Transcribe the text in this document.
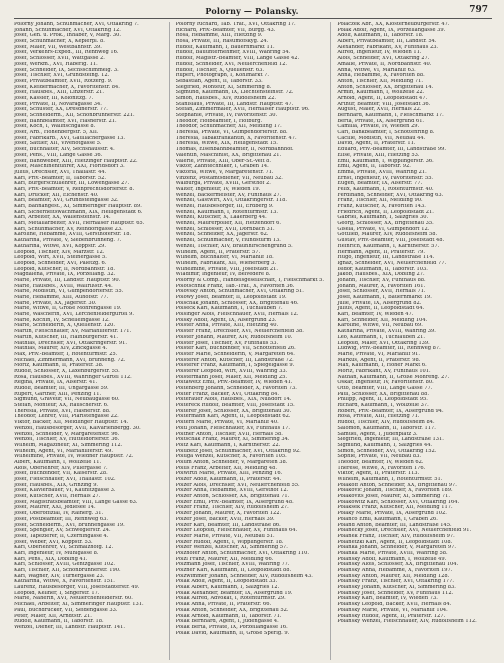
Polorny — Polansky.	797
Polorny Johann, Schuhmacher, XVI, Ottakring 7.
Johann, Schuhmacher, XVI, Ottakring 12.
Josef, Gen. u. Prok., Inhaber, V, Marg. 30.
Josef, Schuhmacher, X, Keplerpl. 8.
Josef, Maler, VII, Westbahnstr. 39.
Josef, Verkehrs-Exped., III, Rennweg 16.
Josef, Schlosser, XVII, Wattgasse 2.
Josef, Werkm., XVI, Haberlg. 11.
Josef, Schneider, IX, Sechsschimmelg. 3.
Josef, Tischler, XVI, Grundsteing. 12.
Josef, Privatbeamter, XVII, Rötzerg. 9.
Josef, Kleidermacher, X, Favoritenstr. 84.
Josef, Hausbes., XIII, Linzerstr. 21.
Josef, Kassier, III, Kolonitzg. 7.
Josef, Private, II, Novaragasse 34.
Josef, Schuster, XX, Dresdnerstr. 77.
Josef, Schneiderm., XII, Schönbrunnerstr. 221.
Josef, Bahnbeamter, XVI, Hasnerstr. 21.
Josef, Koch, I, Wallfischgasse 8.
Josef, Arb., Hohenbergstr. 5, XII.
Josef, Fabrikarb., XVI, Gaullachergasse 13.
Josef, Sattler, XII, Vivenotgasse 5.
Josef, Buchhalter, XIV, Sechshausstr. 4.
Josef, Pens., VIII, Lange Gasse 36.
Josef, Bandweber, XIII, Hietzinger Hauptstr. 22.
Josef, Maschinenführer, XXI, Floridsdorf 3.
Julius, Drechsler, XVI, Thaliastr. 44.
Karl, Priv.-Beamter, II, Taborstr. 52.
Karl, Bürgerschullehrer, III, Löwengasse 27.
Karl, Priv.-Beamter, V, Reinprechtsdorferstr. 8.
Karl, Drucker, XII, Eichenstr. 40.
Karl, Beamter, XVI, Grundsteingasse 32.
Karl, Bahnangest., XI, Simmeringer Hauptstr. 89.
Karl, Sicherheitswachmann, XIX, Heiligenstadt 6.
Karl, Arbeiter, XX, Wallensteinstr. 14.
Karl, Metallarbeiter, XVII, Hernalser Hauptstr. 65.
Karl, Schuhmacher, XV, Reindorfgasse 23.
Karoline, Hebamme, XVIII, Gersthoferstr. 18.
Katharina, Private, V, Siebenbrunneng. 7.
Katharina, Witwe, XVI, Koppstr. 29.
Leopold, Tischler, XIV, Märzstr. 12.
Leopold, Wirt, XVII, Steinergasse 5.
Leopold, Schneider, XVI, Paletzg. 6.
Leopold, Kutscher, II, Nordbahnstr. 18.
Magdalena, Private, IX, Porzellang. 32.
Marie, Private, III, Landstr. Hauptstr. 90.
Marie, Hausbes., XVIII, Wallrißstr. 44.
Marie, Modistin, VI, Gumpendorferstr. 55.
Marie, Hebamme, XIII, Auhofstr. 77.
Marie, Private, XX, Jägerstr. 30.
Marie, Witwe, II, Große Mohrengasse 19.
Marie, Wäscherin, XVI, Lerchenfeldergürtel 9.
Marie, Köchin, IV, Schelleingasse 12.
Marie, Schneiderin, X, Quellenstr. 120.
Martin, Fleischhauer, XV, Mariahilferstr. 171.
Martin, Kutscher, III, Hainburgerstr. 41.
Mathias, Drechsler, XVI, Ottakringerstr. 91.
Mathias, Maurer, XIV, Zinckgasse 4.
Max, Priv.-Beamter, I, Rotenturmstr. 25.
Michael, Zimmermann, XVI, Brunneng. 72.
Moriz, Kaufmann, II, Praterstr. 38.
Rudolf, Schlosser, X, Laxenburgerstr. 55.
Rosa, Hausbes., XVIII, Währinger Gürtel 112.
Regina, Private, IX, Alserstr. 41.
Rudolf, Beamter, III, Ungargasse 59.
Rupert, Gärtner, XIII, Penzing 11.
Sigmund, Graveur, VII, Neubaugasse 60.
Stefan, Monteur, XX, Rauscherstr. 6.
Theresia, Private, XVI, Hasnerstr. 88.
Theodor, Lehrer, VIII, Piaristengasse 22.
Viktor, Bäcker, XII, Meidlinger Hauptstr. 14.
Wenzel, Hausbesorger, XVII, Kalvarienbergg. 30.
Wenzel, Schneider, V, Margaretenstr. 96.
Wenzel, Tischler, XV, Hütteldorferstr. 36.
Wilhelm, Magazineur, XI, Simmering 112.
Wilhelm, Agent, VI, Mariahilferstr. 49.
Wilhelmine, Private, IV, Wiedner Hauptstr. 72.
Albert, Kaufmann, I, Wollzeile 11.
Alois, Oberlehrer, XIV, Pillergasse 7.
Josef, Buchbinder, VII, Kaiserstr. 28.
Josef, Fleischhauer, XVI, Thaliastr. 102.
Josef, Hausbes., XIX, Grinzing 9.
Josef, Klavierbauer, VI, Kaunitzgasse 3.
Josef, Kutscher, XVII, Hernals 27.
Josef, Magistratsbeamter, VIII, Lange Gasse 63.
Josef, Maurer, XXI, Jedlesee 14.
Josef, Oberoffizial, IV, Rainerg. 31.
Josef, Postbeamter, III, Rennweg 63.
Josef, Schneiderm., XVI, Brunnengasse 19.
Josef, Spengler, XV, Schweglerstr. 24.
Josef, Tapezierer, II, Czerningasse 4.
Josef, Weber, XVI, Koppstr. 53.
Karl, Oberlehrer, VI, Schmalzhofg. 12.
Karl, Ingenieur, IV, Mühlgasse 8.
Karl, Pens., XIX, Döbling 41.
Karl, Schlosser, XVIII, Gentzgasse 102.
Karl, Tischler, XII, Schönbrunnerstr. 190.
Karl, Wagner, XIV, Turnergasse 23.
Katharina, Witwe, X, Favoritenstr. 151.
Laurenz, Hausbesorger, VIII, Josefstädterstr. 49.
Leopold, Kellner, I, Singerstr. 17.
Marie, Näherin, XVI, Neulerchenfelderstr. 60.
Michael, Arbeiter, XI, Simmeringer Hauptstr. 131.
Paul, Buchdrucker, VII, Seidengasse 33.
Peter, Maler, XII, Arndtstr. 21.
Rudolf, Kaufmann, II, Taborstr. 18.
Wenzel, Diener, III, Landstr. Hauptstr. 141.
Polorny Richard, Tab. Traf., XVI, Ottakring 17.
Richard, Priv.-Beamter, VII, Burgg. 43.
Rosa, Hebamme, XIII, Hietzing 9.
Rosa, Private, III, Rasumofskyg. 24.
Rudolf, Kaufmann, I, Bauernmarkt 11.
Rudolf, Bauunternehmer, XVIII, Währing 54.
Rudolf, Magistr.-Beamter, VIII, Lange Gasse 42.
Rudolf, Schneider, XVI, Neulerchenfeld 12.
Rudolf, Tischler, X, Quellenstr. 63.
Rupert, Photograph, I, Kohlmarkt 7.
Sebastian, Agent, II, Taborstr. 33.
Siegfried, Monteur, XI, Simmering 8.
Sigmund, Kaufmann, IX, Liechtensteinstr. 72.
Simon, Hausbes., XIV, Rudolfsheim 22.
Stanislaus, Private, III, Landstr. Hauptstr. 47.
Stefan, Zimmermaler, XVII, Hernalser Hauptstr. 96.
Stephanie, Private, IV, Favoritenstr. 30.
Theodor, Hofbeamter, I, Hofburg.
Theodor, Schuhmacher, XII, Meidling 17.
Theresia, Private, VI, Gumpendorferstr. 88.
Theresia, Tabaktrafikantin, X, Favoritenstr. 47.
Theresia, Witwe, XIX, Heiligenstadt 15.
Thomas, Eisenbahnbeamter, II, Nordbahnhof.
Valentin, Maschinist, XX, Brigittenau 21.
Valerie, Private, XIII, Ober-St.-Veit 8.
Viktor, Zahntechniker, I, Graben 14.
Viktoria, Witwe, V, Margaretenstr. 71.
Vinzenz, Postamtsdiener, VII, Neubau 32.
Walburga, Private, XVIII, Gersthof 2.
Walter, Ingenieur, IV, Wieden 19.
Wenzel, Bäckermeister, XV, Fünfhaus 27.
Wenzel, Gastwirt, XVI, Ottakringerstr. 118.
Wenzel, Hausbesorger, III, Erdberg 9.
Wenzel, Kaufmann, I, Rotenturmstr. 13.
Wenzel, Kutscher, X, Laaerberg 44.
Wenzel, Maurerpolier, XII, Hetzendorf 6.
Wenzel, Schlosser, XVII, Dornbach 31.
Wenzel, Schneider, XX, Jägerstr. 62.
Wenzel, Schuhmacher, V, Hundsturm 13.
Wenzel, Tischler, XIV, Braunhirschengrund 5.
Wilhelm, Agent, II, Praterstr. 57.
Wilhelm, Buchhalter, VI, Mariahilf 18.
Wilhelm, Fabrikant, XII, Wienerberg 3.
Wilhelmine, Private, VIII, Josefstadt 21.
Wladimir, Ingenieur, IV, Belvedere 8.
Polorny & Comp., Handelsgesellschaft, I, Fleischmarkt 5.
Polotschnik Franz, Tab.-Traf., X, Favoriten 36.
Polovsky Anton, Schuhmacher, XVI, Ottakring 51.
Polowy Josef, Beamter, II, Leopoldstadt 19.
Polschak Johann, Schlosser, XX, Brigittenau 46.
Polseck Karl, Kaufmann, I, Tuchlauben 7.
Polsinger Alois, Fleischhauer, XVII, Hernals 12.
Polsky Adolf, Agent, IX, Alsergrund 23.
Polster Anna, Private, XIII, Hietzing 40.
Polster Franz, Drechsler, XVI, Neulerchenfeld 38.
Polster Johann, Maurer, XIV, Rudolfsheim 10.
Polster Josef, Tischler, XV, Fünfhaus 53.
Polster Karl, Buchbinder, VII, Schottenfeld 26.
Polster Marie, Schneiderin, V, Margareten 64.
Polsterer Anton, Kutscher, III, Landstraße 72.
Polsterer Franz, Kaufmann, I, Spiegelgasse 9.
Polsterer Leopold, Wirt, XVIII, Währing 33.
Polstermann Josef, Maler, XII, Meidling 25.
Poltawetz Emil, Priv.-Beamter, IV, Wieden 41.
Poltenberg Johann, Schneider, X, Favoriten 73.
Polter Franz, Bäcker, XVI, Ottakring 84.
Polterauer Alois, Hausbes., XIX, Nußdorf 14.
Poltereck Rudolf, Beamter, VIII, Josefstadt 15.
Polterer Josef, Schlosser, XX, Brigittenau 30.
Poltermann Karl, Agent, II, Leopoldstadt 62.
Poltern Marie, Private, VI, Mariahilf 40.
Poltl Johann, Fleischhauer, XV, Fünfhaus 17.
Poltner Anton, Tischler, XVII, Hernals 58.
Poltschak Franz, Maurer, XI, Simmering 34.
Poltz Karl, Kaufmann, I, Kärntnerstr. 22.
Polubetz Josef, Schuhmacher, XVI, Ottakring 92.
Poluga Wenzel, Kutscher, X, Favoriten 105.
Polum Anton, Schneider, V, Margareten 38.
Polus Franz, Arbeiter, XII, Meidling 48.
Polwirth Marie, Private, XIII, Penzing 16.
Polzer Adolf, Kaufmann, II, Praterstr. 44.
Polzer Alois, Drechsler, XVI, Neulerchenfeld 55.
Polzer Anna, Hebamme, XVIII, Gersthof 12.
Polzer Anton, Schlosser, XX, Brigittenau 71.
Polzer Emil, Priv.-Beamter, IX, Alsergrund 48.
Polzer Franz, Tischler, XIV, Rudolfsheim 27.
Polzer Johann, Maurer, X, Favoriten 122.
Polzer Josef, Bäcker, XVII, Hernals 39.
Polzer Karl, Beamter, III, Landstraße 86.
Polzer Leopold, Fleischhauer, XV, Fünfhaus 64.
Polzer Marie, Private, VII, Neubau 51.
Polzer Rudolf, Agent, I, Wipplingerstr. 18.
Polzer Wenzel, Kutscher, XI, Simmering 57.
Polzhofer Anton, Schuhmacher, XVI, Ottakring 110.
Polzl Franz, Maurer, XII, Meidling 66.
Polzmann Josef, Tischler, XVIII, Währing 77.
Polzner Karl, Kaufmann, II, Leopoldstadt 88.
Polzwimmer Johann, Schneider, XIV, Rudolfsheim 43.
Polak Adolf, Agent, II, Leopoldstadt 33.
Polak Albert, Kaufmann, I, Salzgries 12.
Polak Alexander, Beamter, IX, Alsergrund 19.
Polak Alfred, Advokat, I, Rotenturmstr. 29.
Polak Anna, Private, II, Praterstr. 66.
Polak Anton, Schneider, XX, Brigittenau 52.
Polak Arnold, Kaufmann, II, Taborstr. 71.
Polak Bernhard, Agent, I, Judengasse 4.
Polak Berta, Private, IX, Porzellangasse 16.
Polak David, Kaufmann, II, Große Sperlg. 9.
Polaczek Abr., XX, Klosterneuburgerstr. 47.
Polak Adolf, Agent, IX, Porzellangasse 39.
Adolf, Kaufmann, II, Taborstr. 18.
Albert, Privatbeamter, III, Landstr. 54.
Alexander, Fabrikant, XV, Fünfhaus 23.
Alfred, Ingenieur, IV, Wieden 11.
Alois, Schneider, XVI, Ottakring 27.
Amalie, Private, II, Nordbahnstr. 40.
Anna, Witwe, VI, Mariahilf 63.
Anna, Hebamme, X, Favoriten 88.
Anton, Tischler, XII, Meidling 71.
Anton, Schlosser, XX, Brigittenau 14.
Armin, Kaufmann, I, Wollzeile 22.
Arnold, Agent, II, Leopoldstadt 47.
Arthur, Beamter, VIII, Josefstadt 36.
August, Maler, XVII, Hernals 22.
Bernhard, Kaufmann, I, Fleischmarkt 17.
Berta, Private, IX, Alsergrund 61.
Camilla, Private, IV, Wieden 29.
Carl, Bankbeamter, I, Schottenring 8.
Cäcilie, Modistin, VII, Neubau 44.
David, Agent, II, Praterstr. 11.
Eduard, Priv.-Beamter, III, Landstraße 99.
Elise, Private, XIII, Hietzing 53.
Emil, Kaufmann, I, Wipplingerstr. 36.
Emil, Agent, II, Taborstr. 92.
Emma, Private, XVIII, Währing 21.
Ernst, Ingenieur, IV, Favoritenstr. 55.
Eugen, Beamter, IX, Alserstr. 77.
Felix, Kaufmann, I, Rotenturmstr. 40.
Ferdinand, Schneider, XVI, Ottakring 63.
Franz, Tischler, XII, Meidling 90.
Franz, Kutscher, X, Favoriten 143.
Friedrich, Agent, II, Leopoldstadt 21.
Gabriel, Kaufmann, I, Salzgries 30.
Georg, Schlosser, XX, Brigittenau 35.
Gisela, Private, VI, Gumpendorf 12.
Gottlieb, Maurer, XIV, Rudolfsheim 58.
Gustav, Priv.-Beamter, VIII, Josefstadt 48.
Heinrich, Kaufmann, I, Kärntnerstr. 57.
Hermann, Agent, II, Praterstr. 79.
Hugo, Ingenieur, III, Landstraße 114.
Ignaz, Schneider, XVI, Neulerchenfeld 77.
Isidor, Kaufmann, II, Taborstr. 103.
Jakob, Hausbes., XIX, Döbling 27.
Johann, Tischler, XV, Fünfhaus 88.
Johann, Maurer, X, Favoriten 161.
Josef, Schlosser, XVII, Hernals 71.
Josef, Kaufmann, I, Bauernmarkt 19.
Julie, Private, IX, Alsergrund 82.
Julius, Agent, II, Leopoldstadt 64.
Karl, Beamter, IV, Wieden 47.
Karl, Schneider, XII, Meidling 104.
Karoline, Witwe, VII, Neubau 69.
Katharina, Private, XVIII, Währing 39.
Leo, Kaufmann, I, Tuchlauben 21.
Leopold, Maler, XVI, Ottakring 139.
Ludwig, Priv.-Beamter, III, Rennweg 87.
Marie, Private, VI, Mariahilf 91.
Markus, Agent, II, Praterstr. 98.
Max, Kaufmann, I, Hoher Markt 6.
Moriz, Fabrikant, XV, Fünfhaus 101.
Nathan, Kaufmann, II, Große Mohreng. 27.
Oskar, Ingenieur, IV, Favoritenstr. 80.
Otto, Beamter, VIII, Lange Gasse 77.
Paul, Schlosser, XX, Brigittenau 88.
Philipp, Agent, II, Leopoldstadt 95.
Richard, Kaufmann, I, Wollzeile 37.
Robert, Priv.-Beamter, IX, Alsergrund 94.
Rosa, Private, XIII, Hietzing 71.
Rudolf, Tischler, XIV, Rudolfsheim 84.
Salomon, Kaufmann, II, Taborstr. 117.
Samuel, Agent, I, Judenplatz 3.
Siegfried, Ingenieur, III, Landstraße 131.
Sigmund, Kaufmann, I, Salzgries 44.
Simon, Schneider, XVI, Ottakring 152.
Sophie, Private, VII, Neubau 83.
Theodor, Beamter, IV, Wieden 62.
Therese, Witwe, X, Favoriten 176.
Viktor, Agent, II, Praterstr. 113.
Wilhelm, Kaufmann, I, Rotenturmstr. 51.
Polakoff Anton, Schneider, XX, Brigittenau 97.
Polakovic Johann, Tischler, X, Favoriten 189.
Polakovits Josef, Maurer, XI, Simmering 71.
Polakowitz Karl, Schlosser, XVI, Ottakring 164.
Polaksek Franz, Kutscher, XII, Meidling 117.
Polaky Marie, Private, IX, Alsergrund 102.
Polanco Emil, Kaufmann, I, Graben 26.
Poland Anton, Beamter, III, Landstraße 145.
Polanecky Josef, Drechsler, XVI, Neulerchenfeld 91.
Polanek Franz, Tischler, XIV, Rudolfsheim 97.
Polanetzki Karl, Agent, II, Leopoldstadt 108.
Polanka Johann, Schneider, V, Margareten 97.
Polanka Marie, Private, XVIII, Währing 58.
Polansky Adolf, Kaufmann, I, Wollzeile 49.
Polansky Alois, Schlosser, XX, Brigittenau 104.
Polansky Anna, Hebamme, X, Favoriten 197.
Polansky Anton, Maurer, XII, Meidling 128.
Polansky Franz, Tischler, XVI, Ottakring 177.
Polansky Johann, Kutscher, XI, Simmering 83.
Polansky Josef, Schneider, XV, Fünfhaus 112.
Polansky Karl, Beamter, IV, Wieden 73.
Polansky Leopold, Bäcker, XVII, Hernals 84.
Polansky Marie, Private, VI, Mariahilf 104.
Polansky Rudolf, Agent, II, Praterstr. 127.
Polansky Wenzel, Fleischhauer, XIV, Rudolfsheim 112.
